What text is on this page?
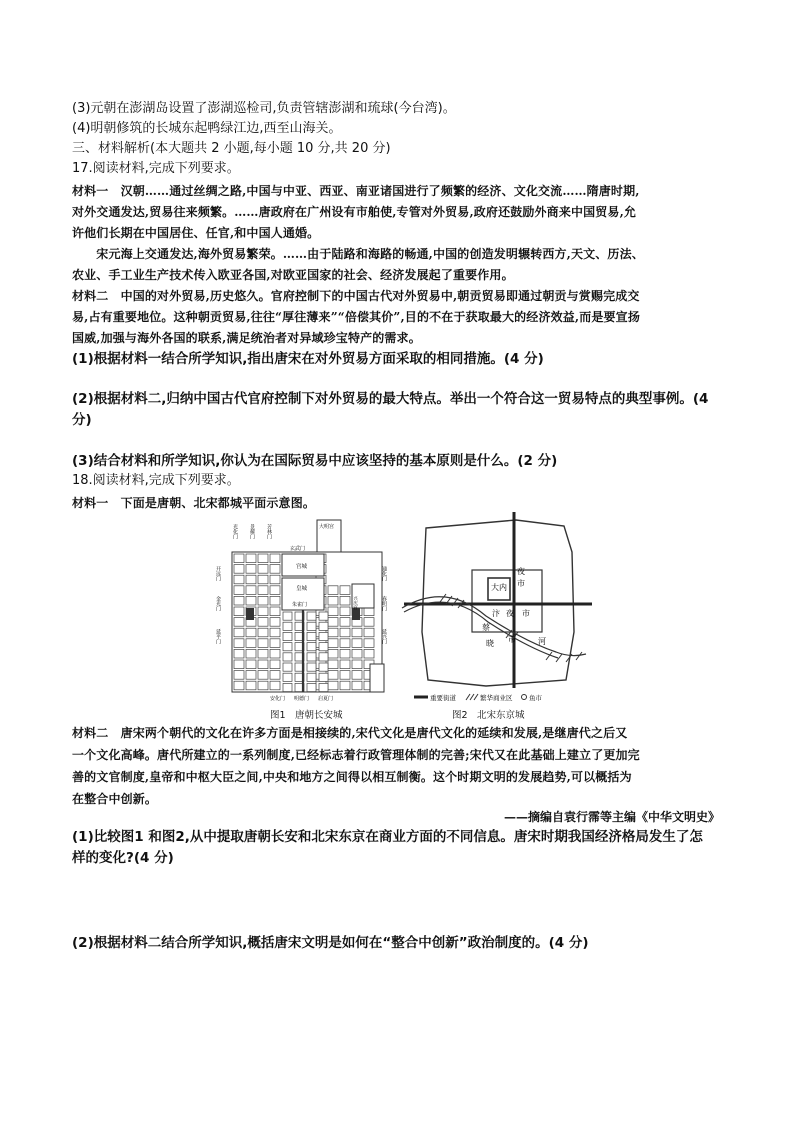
(3)元朝在澎湖岛设置了澎湖巡检司,负责管辖澎湖和琉球(今台湾)。
(4)明朝修筑的长城东起鸭绿江边,西至山海关。
三、材料解析(本大题共 2 小题,每小题 10 分,共 20 分)
17.阅读材料,完成下列要求。
材料一　汉朝……通过丝绸之路,中国与中亚、西亚、南亚诸国进行了频繁的经济、文化交流……隋唐时期,
对外交通发达,贸易往来频繁。……唐政府在广州设有市舶使,专管对外贸易,政府还鼓励外商来中国贸易,允
许他们长期在中国居住、任官,和中国人通婚。
　　宋元海上交通发达,海外贸易繁荣。……由于陆路和海路的畅通,中国的创造发明辗转西方,天文、历法、
农业、手工业生产技术传入欧亚各国,对欧亚国家的社会、经济发展起了重要作用。
材料二　中国的对外贸易,历史悠久。官府控制下的中国古代对外贸易中,朝贡贸易即通过朝贡与赏赐完成交
易,占有重要地位。这种朝贡贸易,往往“厚往薄来”“倍偿其价”,目的不在于获取最大的经济效益,而是要宣扬
国威,加强与海外各国的联系,满足统治者对异域珍宝特产的需求。
(1)根据材料一结合所学知识,指出唐宋在对外贸易方面采取的相同措施。(4 分)
(2)根据材料二,归纳中国古代官府控制下对外贸易的最大特点。举出一个符合这一贸易特点的典型事例。(4
分)
(3)结合材料和所学知识,你认为在国际贸易中应该坚持的基本原则是什么。(2 分)
18.阅读材料,完成下列要求。
材料一　下面是唐朝、北宋都城平面示意图。
光化门 景耀门 芳林门	大明宫
玄武门
宫城
皇城
朱雀门
开远门
金光门
延平门
通化门
春明门
延兴门
兴庆宫
安化门 明德门 启夏门
图1　唐朝长安城
大内
夜
市
汴 夜 市
蔡
晓 市	河
重要街道	繁华商业区	鱼市
图2　北宋东京城
材料二　唐宋两个朝代的文化在许多方面是相接续的,宋代文化是唐代文化的延续和发展,是继唐代之后又
一个文化高峰。唐代所建立的一系列制度,已经标志着行政管理体制的完善;宋代又在此基础上建立了更加完
善的文官制度,皇帝和中枢大臣之间,中央和地方之间得以相互制衡。这个时期文明的发展趋势,可以概括为
在整合中创新。
——摘编自袁行霈等主编《中华文明史》
(1)比较图1 和图2,从中提取唐朝长安和北宋东京在商业方面的不同信息。唐宋时期我国经济格局发生了怎
样的变化?(4 分)
(2)根据材料二结合所学知识,概括唐宋文明是如何在“整合中创新”政治制度的。(4 分)
